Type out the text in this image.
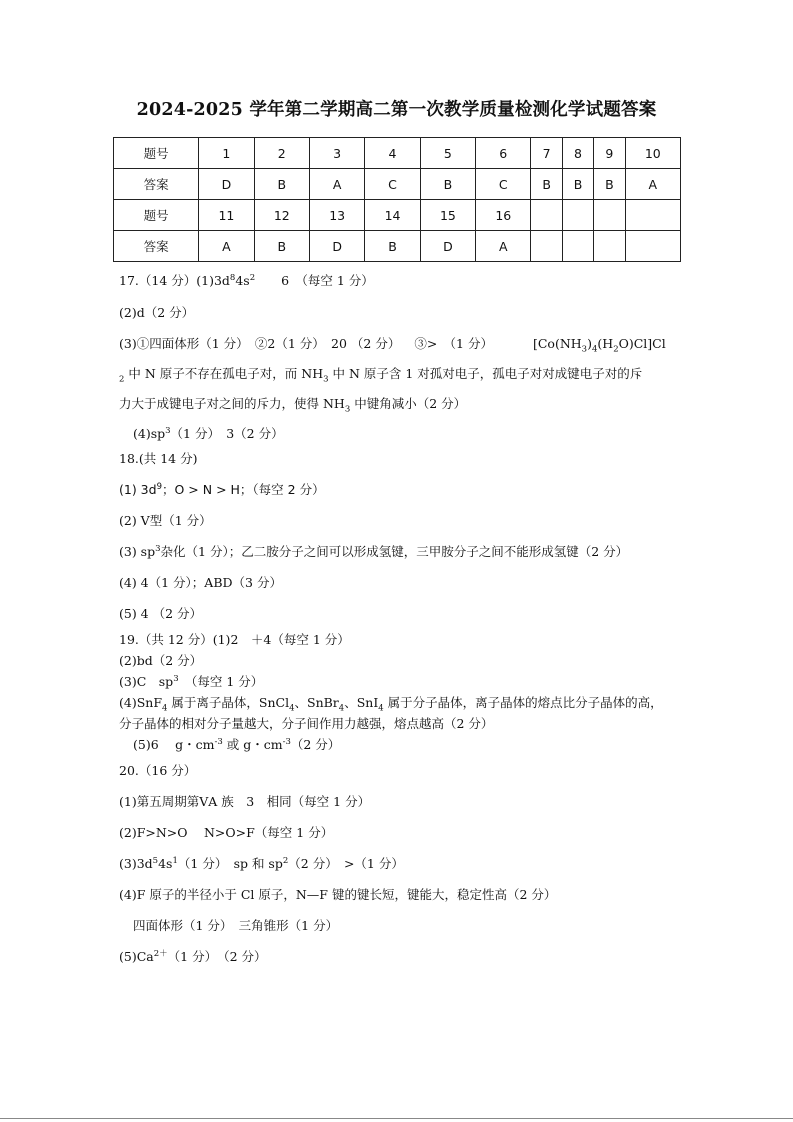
2024-2025 学年第二学期高二第一次教学质量检测化学试题答案
题号	1	2	3	4	5	6	7	8	9	10
答案	D	B	A	C	B	C	B	B	B	A
题号	11	12	13	14	15	16				
答案	A	B	D	B	D	A				
17.（14 分）$(1)3d^84s^2$ 6　（每空 1 分）
(2)d（2 分）
(3)①四面体形（1 分）　②2（1 分）　20 （2 分） ③>　（1 分）	$[Co(NH_3)_4(H_2O)Cl]Cl$
$_2$ 中 N 原子不存在孤电子对，而 $NH_3$ 中 N 原子含 1 对孤对电子，孤电子对对成键电子对的斥
力大于成键电子对之间的斥力，使得 $NH_3$ 中键角减小（2 分）
$(4)sp^3(1$ 分）　3（2 分）
18.(共 14 分)
(1) $3d^9$；O > N > H；（每空 2 分）
(2) V型（1 分）
(3) $sp^3$杂化（1 分）；乙二胺分子之间可以形成氢键，三甲胺分子之间不能形成氢键（2 分）
(4) 4（1 分）；ABD（3 分）
(5) 4 （2 分）
19.（共 12 分）(1)2　＋4（每空 1 分）
(2)bd（2 分）
(3)C　$sp^3$　（每空 1 分）
(4)SnF$_4$ 属于离子晶体，SnCl$_4$、SnBr$_4$、SnI$_4$ 属于分子晶体，离子晶体的熔点比分子晶体的高，
分子晶体的相对分子量越大，分子间作用力越强，熔点越高（2 分）
(5)6　 g・$cm^{-3}$ 或 g・$cm^{-3}(2$ 分）
20.（16 分）
(1)第五周期第ⅤA 族　3　相同（每空 1 分）
(2)F>N>O　 N>O>F（每空 1 分）
$(3)3d^54s^1(1$ 分）　sp 和 $sp^2(2$ 分）　>（1 分）
(4)F 原子的半径小于 Cl 原子，N—F 键的键长短，键能大，稳定性高（2 分）
四面体形（1 分）　三角锥形（1 分）
$(5)Ca^{2+}(1$ 分）　（2 分）
